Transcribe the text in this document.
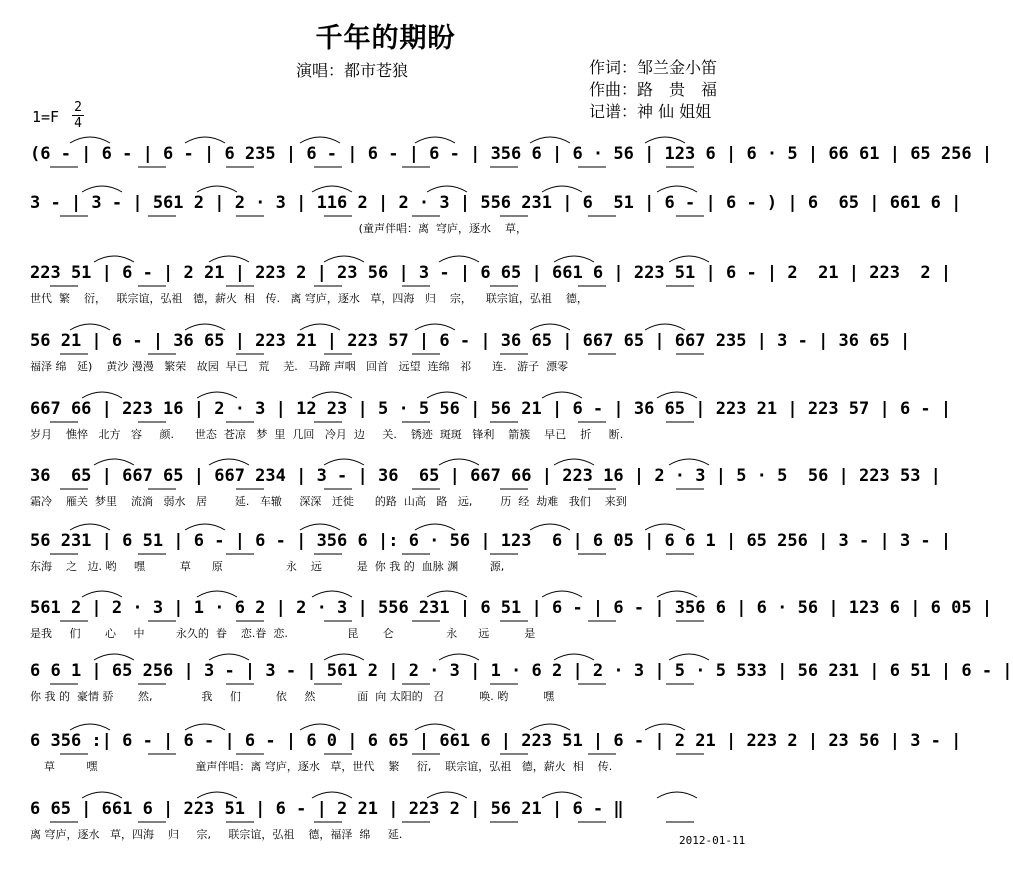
千年的期盼
演唱：都市苍狼	作词：邹兰金小笛
作曲：路　贵　福
记谱：神 仙 姐姐
1=F
2
4
(6 - | 6 - | 6 - | 6 235 | 6 - | 6 - | 6 - | 356 6 | 6 · 56 | 123 6 | 6 · 5 | 66 61 | 65 256 |
3 - | 3 - | 561 2 | 2 · 3 | 116 2 | 2 · 3 | 556 231 | 6  51 | 6 - | 6 - ) | 6  65 | 661 6 |
(童声伴唱：离  穹庐，逐水    草，
223 51 | 6 - | 2 21 | 223 2 | 23 56 | 3 - | 6 65 | 661 6 | 223 51 | 6 - | 2  21 | 223  2 |
世代  繁    衍，   联宗谊，弘祖   德，薪火  相   传.   离 穹庐，逐水   草，四海   归    宗，    联宗谊，弘祖    德，
56 21 | 6 - | 36 65 | 223 21 | 223 57 | 6 - | 36 65 | 667 65 | 667 235 | 3 - | 36 65 |
福泽 绵   延)    黄沙 漫漫   繁荣   故园  早已   荒    芜.   马蹄 声咽   回首   远望  连绵   祁      连.   游子  漂零
667 66 | 223 16 | 2 · 3 | 12 23 | 5 · 5 56 | 56 21 | 6 - | 36 65 | 223 21 | 223 57 | 6 - |
岁月    憔悴   北方   容     颜.      世态  苍凉   梦  里  几回   冷月  边     关.    锈迹  斑斑   锋利    箭簇    早已    折     断.
36  65 | 667 65 | 667 234 | 3 - | 36  65 | 667 66 | 223 16 | 2 · 3 | 5 · 5  56 | 223 53 |
霜冷    雁关  梦里    流淌   弱水   居        延.   车辙     深深   迁徙      的路  山高   路   远,        历  经  劫难   我们    来到
56 231 | 6 51 | 6 - | 6 - | 356 6 |: 6 · 56 | 123  6 | 6 05 | 6 6 1 | 65 256 | 3 - | 3 - |
东海    之   边. 哟     嘿          草      原                  永    远          是  你 我 的  血脉 渊         源,
561 2 | 2 · 3 | 1 · 6 2 | 2 · 3 | 556 231 | 6 51 | 6 - | 6 - | 356 6 | 6 · 56 | 123 6 | 6 05 |
是我     们       心     中         永久的  眷    恋.眷  恋.                 昆       仑               永      远          是
6 6 1 | 65 256 | 3 - | 3 - | 561 2 | 2 · 3 | 1 · 6 2 | 2 · 3 | 5 · 5 533 | 56 231 | 6 51 | 6 - |
你 我 的  豪情 骄       然,              我     们          依     然            面  向 太阳的   召          唤. 哟          嘿
6 356 :| 6 - | 6 - | 6 - | 6 0 | 6 65 | 661 6 | 223 51 | 6 - | 2 21 | 223 2 | 23 56 | 3 - |
草         嘿                            童声伴唱：离 穹庐，逐水   草，世代    繁     衍,    联宗谊，弘祖   德，薪火  相    传.
6 65 | 661 6 | 223 51 | 6 - | 2 21 | 223 2 | 56 21 | 6 - ‖
离 穹庐，逐水   草，四海    归     宗,     联宗谊，弘祖    德，福泽  绵     延.	2012-01-11
